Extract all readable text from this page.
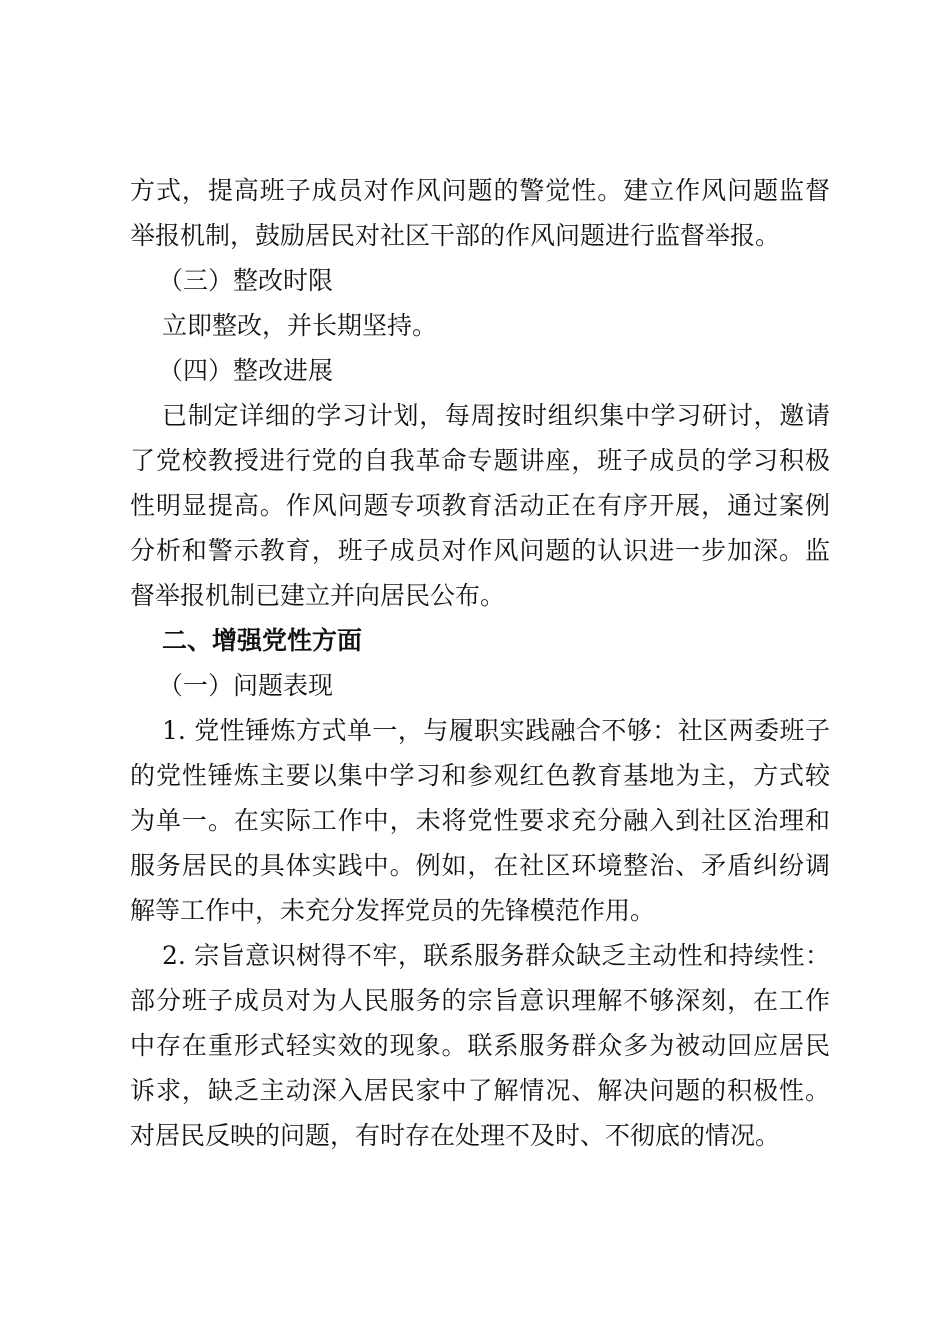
方式，提高班子成员对作风问题的警觉性。建立作风问题监督
举报机制，鼓励居民对社区干部的作风问题进行监督举报。
（三）整改时限
立即整改，并长期坚持。
（四）整改进展
已制定详细的学习计划，每周按时组织集中学习研讨，邀请
了党校教授进行党的自我革命专题讲座，班子成员的学习积极
性明显提高。作风问题专项教育活动正在有序开展，通过案例
分析和警示教育，班子成员对作风问题的认识进一步加深。监
督举报机制已建立并向居民公布。
二、增强党性方面
（一）问题表现
1. 党性锤炼方式单一，与履职实践融合不够：社区两委班子
的党性锤炼主要以集中学习和参观红色教育基地为主，方式较
为单一。在实际工作中，未将党性要求充分融入到社区治理和
服务居民的具体实践中。例如，在社区环境整治、矛盾纠纷调
解等工作中，未充分发挥党员的先锋模范作用。
2. 宗旨意识树得不牢，联系服务群众缺乏主动性和持续性：
部分班子成员对为人民服务的宗旨意识理解不够深刻，在工作
中存在重形式轻实效的现象。联系服务群众多为被动回应居民
诉求，缺乏主动深入居民家中了解情况、解决问题的积极性。
对居民反映的问题，有时存在处理不及时、不彻底的情况。
